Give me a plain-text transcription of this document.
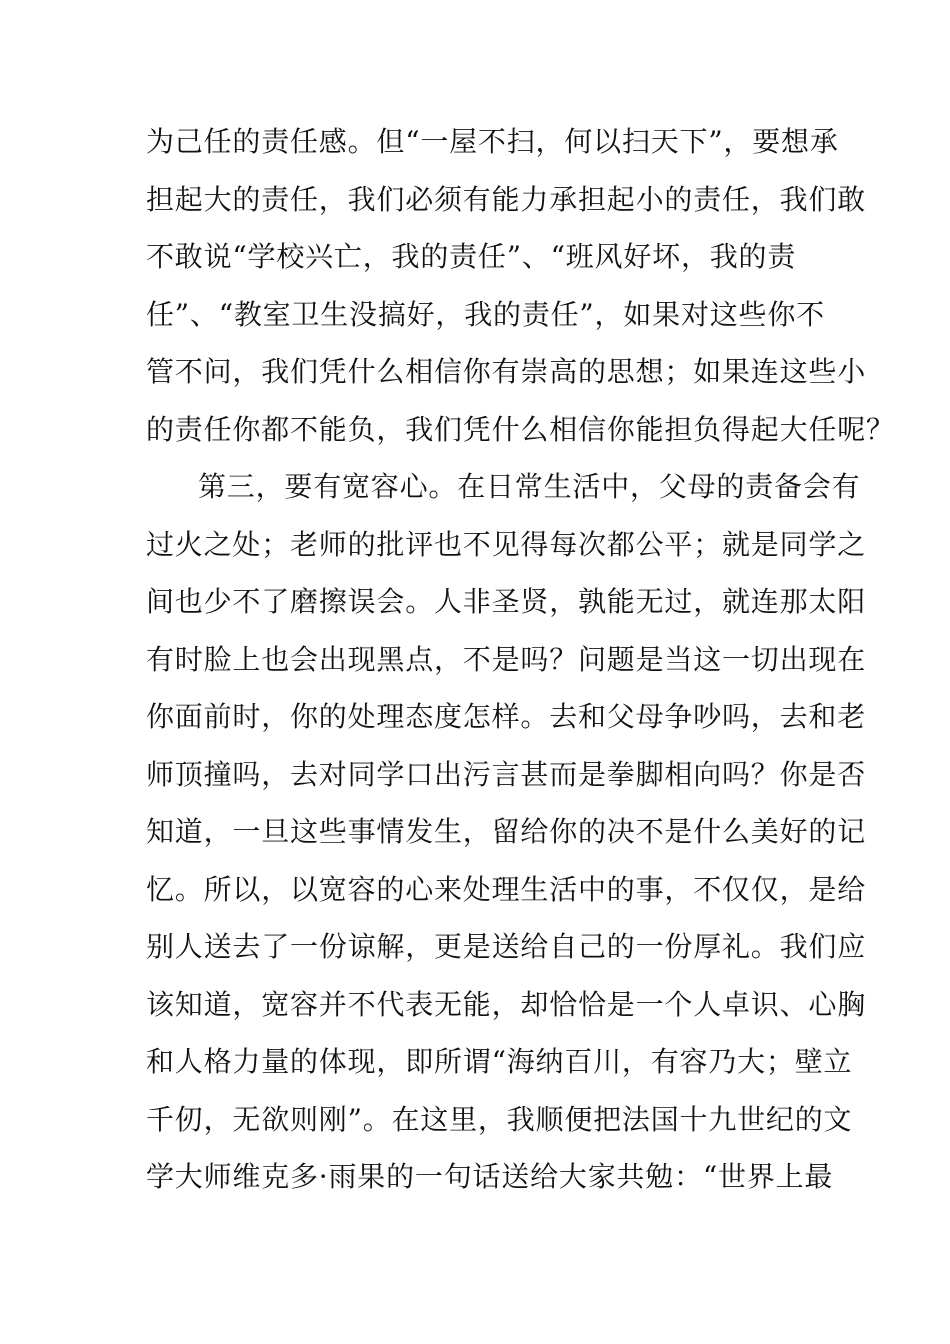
为己任的责任感。但“一屋不扫，何以扫天下”，要想承
担起大的责任，我们必须有能力承担起小的责任，我们敢
不敢说“学校兴亡，我的责任”、“班风好坏，我的责
任”、“教室卫生没搞好，我的责任”，如果对这些你不
管不问，我们凭什么相信你有崇高的思想；如果连这些小
的责任你都不能负，我们凭什么相信你能担负得起大任呢？
第三，要有宽容心。在日常生活中，父母的责备会有
过火之处；老师的批评也不见得每次都公平；就是同学之
间也少不了磨擦误会。人非圣贤，孰能无过，就连那太阳
有时脸上也会出现黑点，不是吗？问题是当这一切出现在
你面前时，你的处理态度怎样。去和父母争吵吗，去和老
师顶撞吗，去对同学口出污言甚而是拳脚相向吗？你是否
知道，一旦这些事情发生，留给你的决不是什么美好的记
忆。所以，以宽容的心来处理生活中的事，不仅仅，是给
别人送去了一份谅解，更是送给自己的一份厚礼。我们应
该知道，宽容并不代表无能，却恰恰是一个人卓识、心胸
和人格力量的体现，即所谓“海纳百川，有容乃大；壁立
千仞，无欲则刚”。在这里，我顺便把法国十九世纪的文
学大师维克多·雨果的一句话送给大家共勉：“世界上最
